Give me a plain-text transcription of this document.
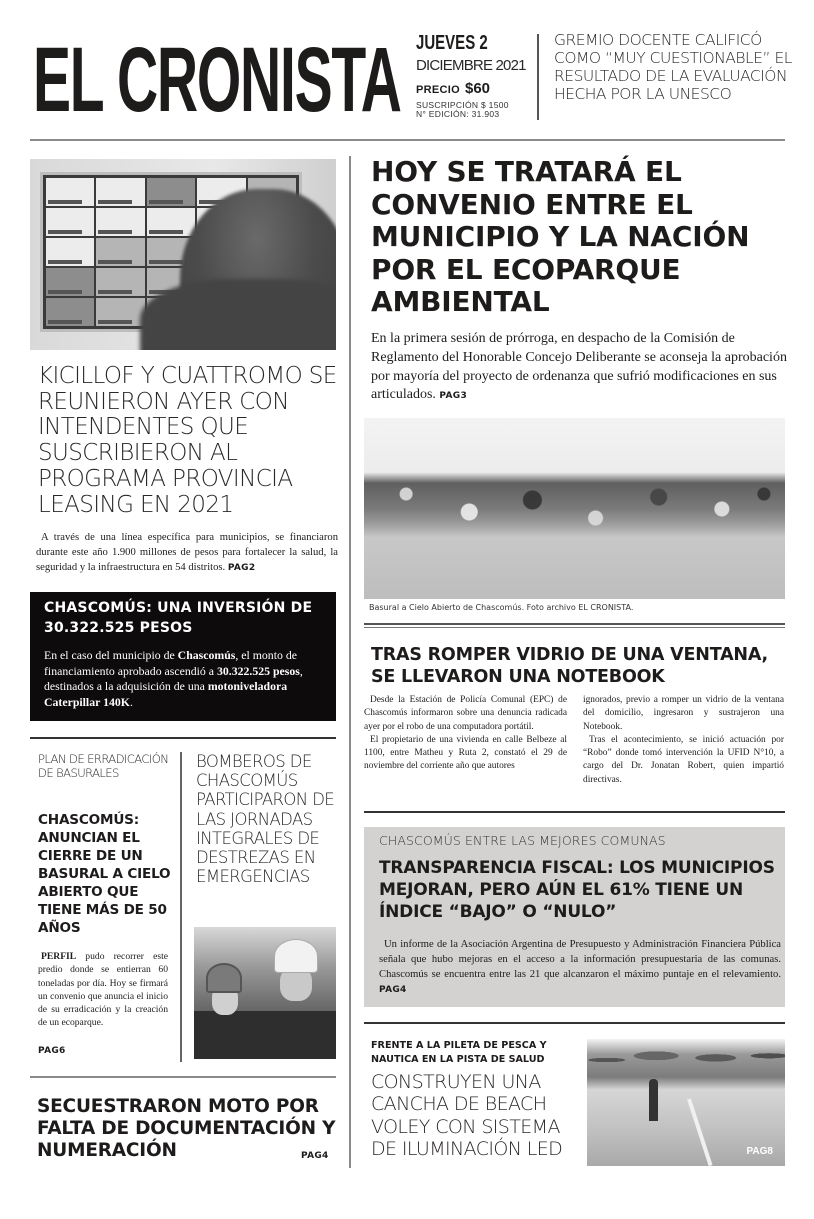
EL CRONISTA JUEVES 2
DICIEMBRE 2021
PRECIO $60
SUSCRIPCIÓN $ 1500
N° EDICIÓN: 31.903
GREMIO DOCENTE CALIFICÓ COMO “MUY CUESTIONABLE” EL RESULTADO DE LA EVALUACIÓN HECHA POR LA UNESCO
KICILLOF Y CUATTROMO SE REUNIERON AYER CON INTENDENTES QUE SUSCRIBIERON AL PROGRAMA PROVINCIA LEASING EN 2021
A través de una línea específica para municipios, se financiaron durante este año 1.900 millones de pesos para fortalecer la salud, la seguridad y la infraestructura en 54 distritos. PAG2
CHASCOMÚS: UNA INVERSIÓN DE 30.322.525 PESOS
En el caso del municipio de Chascomús, el monto de financiamiento aprobado ascendió a 30.322.525 pesos, destinados a la adquisición de una motoniveladora Caterpillar 140K.
PLAN DE ERRADICACIÓN DE BASURALES
CHASCOMÚS: ANUNCIAN EL CIERRE DE UN BASURAL A CIELO ABIERTO QUE TIENE MÁS DE 50 AÑOS
PERFIL pudo recorrer este predio donde se entierran 60 toneladas por día. Hoy se firmará un convenio que anuncia el inicio de su erradicación y la creación de un ecoparque.
PAG6
BOMBEROS DE CHASCOMÚS PARTICIPARON DE LAS JORNADAS INTEGRALES DE DESTREZAS EN EMERGENCIAS
SECUESTRARON MOTO POR FALTA DE DOCUMENTACIÓN Y NUMERACIÓN	PAG4
HOY SE TRATARÁ EL CONVENIO ENTRE EL MUNICIPIO Y LA NACIÓN POR EL ECOPARQUE AMBIENTAL
En la primera sesión de prórroga, en despacho de la Comisión de Reglamento del Honorable Concejo Deliberante se aconseja la aprobación por mayoría del proyecto de ordenanza que sufrió modificaciones en sus articulados. PAG3
Basural a Cielo Abierto de Chascomús. Foto archivo EL CRONISTA.
TRAS ROMPER VIDRIO DE UNA VENTANA, SE LLEVARON UNA NOTEBOOK

Desde la Estación de Policía Comunal (EPC) de Chascomús informaron sobre una denuncia radicada ayer por el robo de una computadora portátil.

El propietario de una vivienda en calle Belbeze al 1100, entre Matheu y Ruta 2, constató el 29 de noviembre del corriente año que autores

ignorados, previo a romper un vidrio de la ventana del domicilio, ingresaron y sustrajeron una Notebook.

Tras el acontecimiento, se inició actuación por “Robo” donde tomó intervención la UFID N°10, a cargo del Dr. Jonatan Robert, quien impartió directivas.

CHASCOMÚS ENTRE LAS MEJORES COMUNAS
TRANSPARENCIA FISCAL: LOS MUNICIPIOS MEJORAN, PERO AÚN EL 61% TIENE UN ÍNDICE “BAJO” O “NULO”
Un informe de la Asociación Argentina de Presupuesto y Administración Financiera Pública señala que hubo mejoras en el acceso a la información presupuestaria de las comunas. Chascomús se encuentra entre las 21 que alcanzaron el máximo puntaje en el relevamiento. PAG4
FRENTE A LA PILETA DE PESCA Y NAUTICA EN LA PISTA DE SALUD
CONSTRUYEN UNA CANCHA DE BEACH VOLEY CON SISTEMA DE ILUMINACIÓN LED	PAG8
